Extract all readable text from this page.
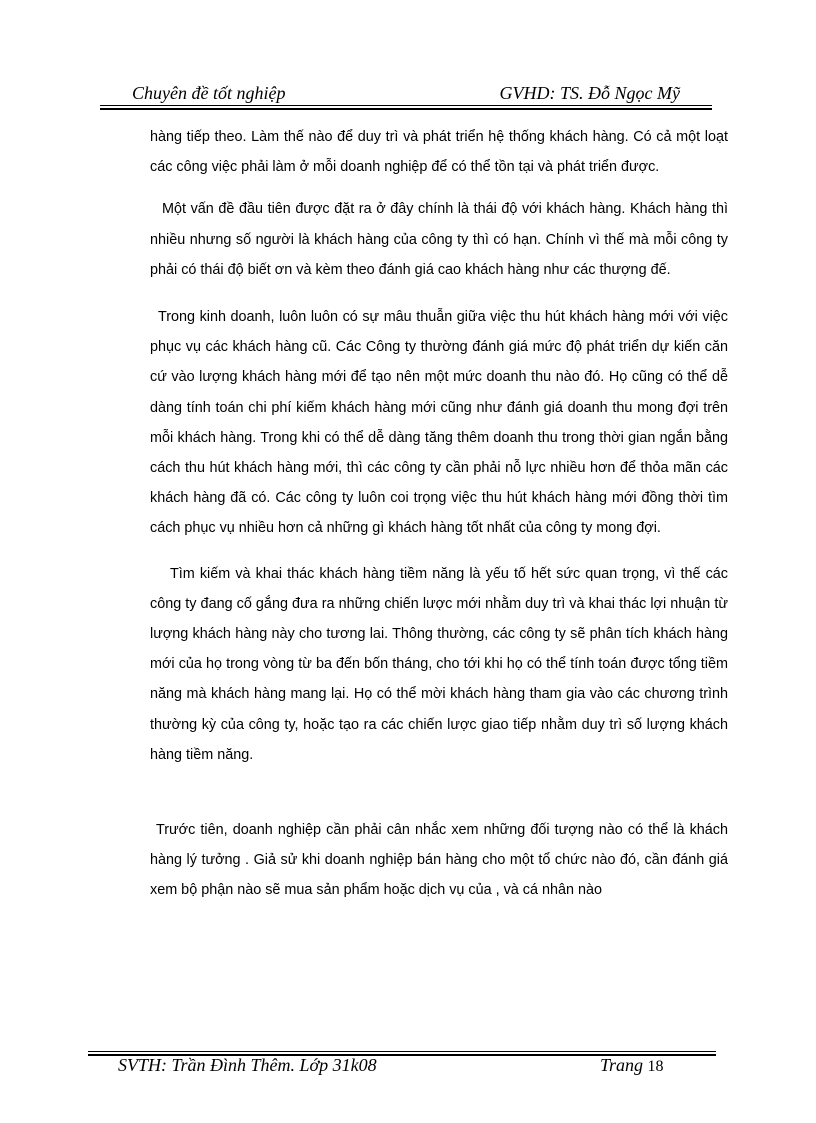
Chuyên đề tốt nghiệp	GVHD: TS. Đỗ Ngọc Mỹ

hàng tiếp theo. Làm thế nào để duy trì và phát triển hệ thống khách hàng. Có cả một loạt các công việc phải làm ở mỗi doanh nghiệp để có thể tồn tại và phát triển được.

Một vấn đề đầu tiên được đặt ra ở đây chính là thái độ với khách hàng. Khách hàng thì nhiều nhưng số người là khách hàng của công ty thì có hạn. Chính vì thế mà mỗi công ty phải có thái độ biết ơn và kèm theo đánh giá cao khách hàng như các thượng đế.

Trong kinh doanh, luôn luôn có sự mâu thuẫn giữa việc thu hút khách hàng mới với việc phục vụ các khách hàng cũ. Các Công ty thường đánh giá mức độ phát triển dự kiến căn cứ vào lượng khách hàng mới để tạo nên một mức doanh thu nào đó. Họ cũng có thể dễ dàng tính toán chi phí kiếm khách hàng mới cũng như đánh giá doanh thu mong đợi trên mỗi khách hàng. Trong khi có thể dễ dàng tăng thêm doanh thu trong thời gian ngắn bằng cách thu hút khách hàng mới, thì các công ty cần phải nỗ lực nhiều hơn để thỏa mãn các khách hàng đã có. Các công ty luôn coi trọng việc thu hút khách hàng mới đồng thời tìm cách phục vụ nhiều hơn cả những gì khách hàng tốt nhất của công ty mong đợi.

Tìm kiếm và khai thác khách hàng tiềm năng là yếu tố hết sức quan trọng, vì thế các công ty đang cố gắng đưa ra những chiến lược mới nhằm duy trì và khai thác lợi nhuận từ lượng khách hàng này cho tương lai. Thông thường, các công ty sẽ phân tích khách hàng mới của họ trong vòng từ ba đến bốn tháng, cho tới khi họ có thể tính toán được tổng tiềm năng mà khách hàng mang lại. Họ có thể mời khách hàng tham gia vào các chương trình thường kỳ của công ty, hoặc tạo ra các chiến lược giao tiếp nhằm duy trì số lượng khách hàng tiềm năng.

Trước tiên, doanh nghiệp cần phải cân nhắc xem những đối tượng nào có thể là khách hàng lý tưởng . Giả sử khi doanh nghiệp bán hàng cho một tổ chức nào đó, cần đánh giá xem bộ phận nào sẽ mua sản phẩm hoặc dịch vụ của , và cá nhân nào

SVTH: Trần Đình Thêm. Lớp 31k08	Trang 18
